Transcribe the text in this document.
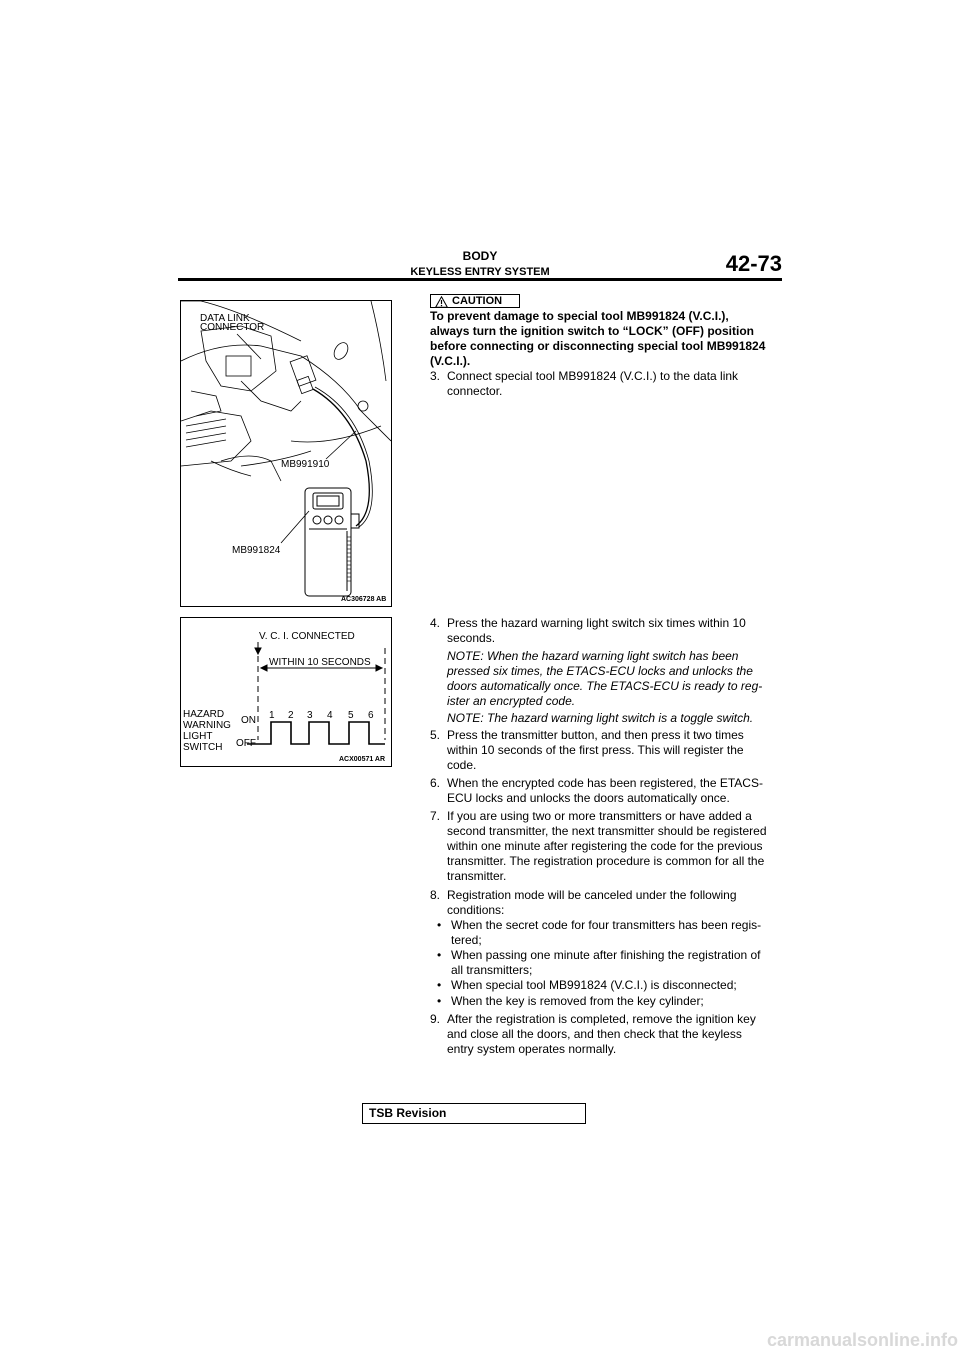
BODY
KEYLESS ENTRY SYSTEM	42-73
DATA LINK
CONNECTOR
MB991910
MB991824
AC306728 AB
V. C. I. CONNECTED
WITHIN 10 SECONDS
HAZARD
WARNING
LIGHT
SWITCH
ON
OFF
1 2 3 4 5 6
ACX00571 AR
CAUTION
To prevent damage to special tool MB991824 (V.C.I.),
always turn the ignition switch to “LOCK” (OFF) position
before connecting or disconnecting special tool MB991824
(V.C.I.).
3. Connect special tool MB991824 (V.C.I.) to the data link
connector.
4. Press the hazard warning light switch six times within 10
seconds.
NOTE: When the hazard warning light switch has been
pressed six times, the ETACS-ECU locks and unlocks the
doors automatically once. The ETACS-ECU is ready to reg-
ister an encrypted code.
NOTE: The hazard warning light switch is a toggle switch.
5. Press the transmitter button, and then press it two times
within 10 seconds of the first press. This will register the
code.
6. When the encrypted code has been registered, the ETACS-
ECU locks and unlocks the doors automatically once.
7. If you are using two or more transmitters or have added a
second transmitter, the next transmitter should be registered
within one minute after registering the code for the previous
transmitter. The registration procedure is common for all the
transmitter.
8. Registration mode will be canceled under the following
conditions:
• When the secret code for four transmitters has been regis-
tered;
• When passing one minute after finishing the registration of
all transmitters;
• When special tool MB991824 (V.C.I.) is disconnected;
• When the key is removed from the key cylinder;
9. After the registration is completed, remove the ignition key
and close all the doors, and then check that the keyless
entry system operates normally.
TSB Revision
carmanualsonline.info
